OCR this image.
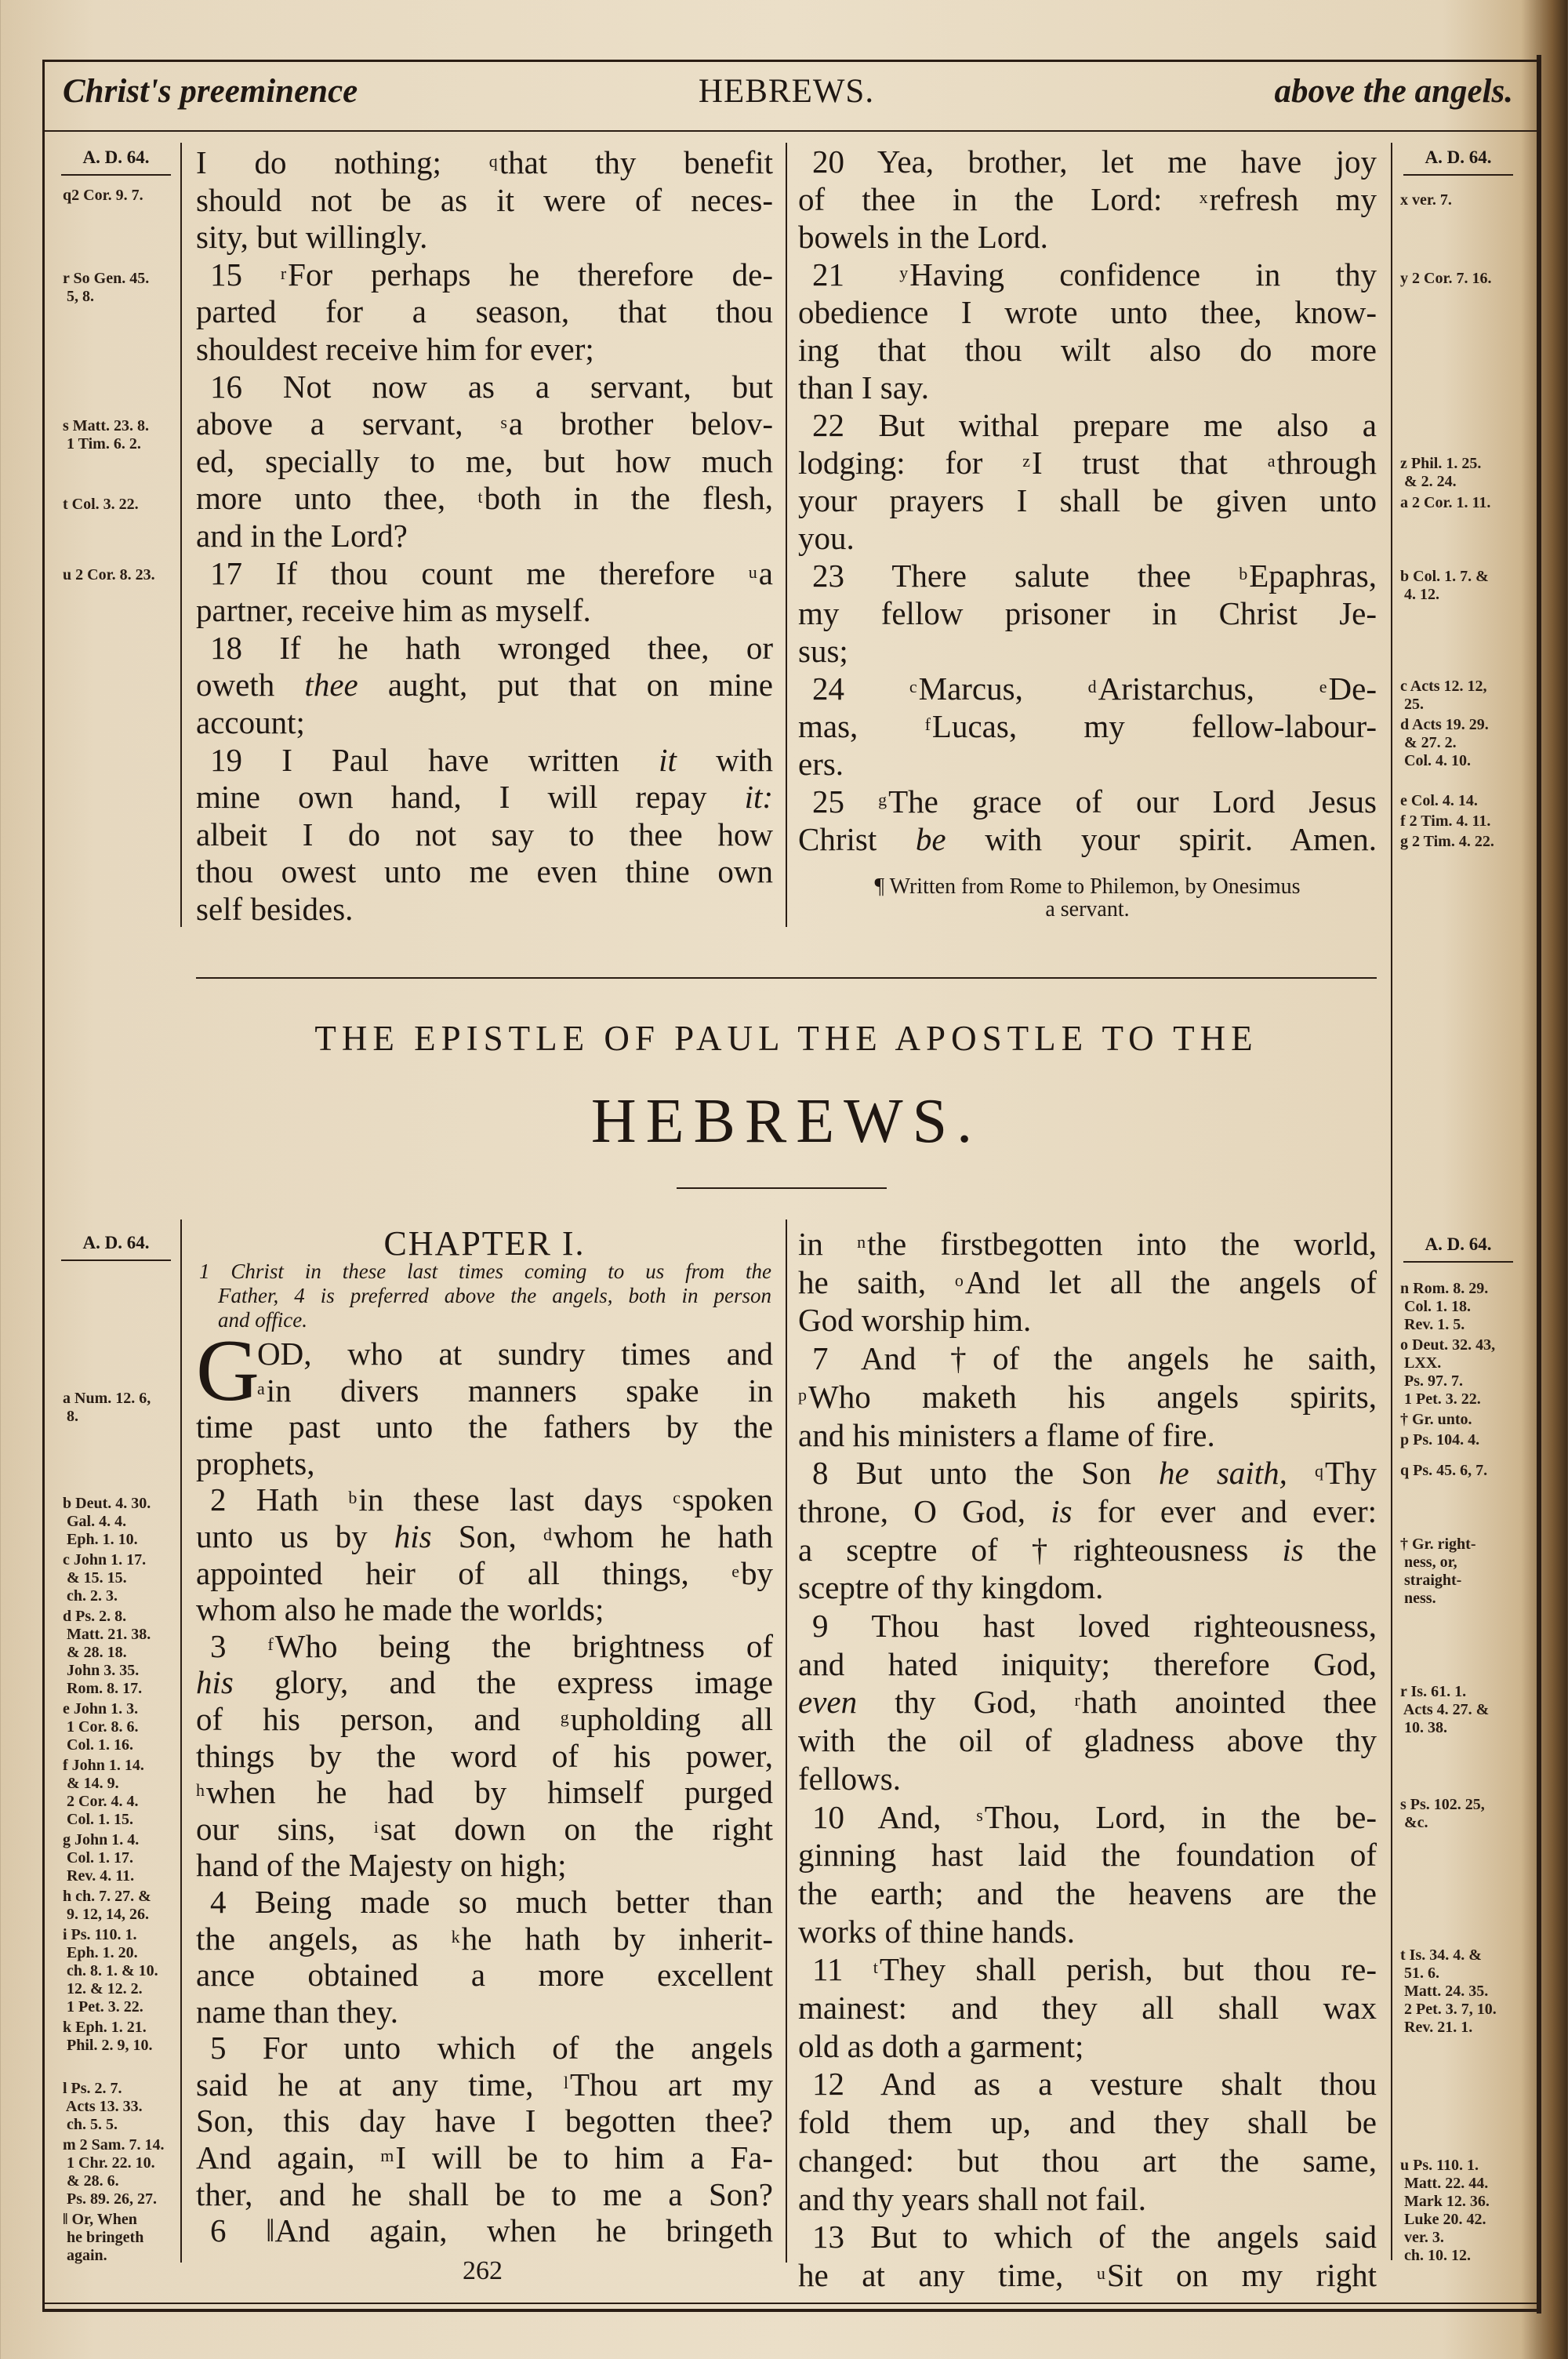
Christ's preeminence	HEBREWS.	above the angels.
A. D. 64.	A. D. 64.
A. D. 64.	A. D. 64.
I do nothing; $^q$that thy benefit
should not be as it were of neces-
sity, but willingly.
15 $^r$For perhaps he therefore de-
parted for a season, that thou
shouldest receive him for ever;
16 Not now as a servant, but
above a servant, $^s$a brother belov-
ed, specially to me, but how much
more unto thee, $^t$both in the flesh,
and in the Lord?
17 If thou count me therefore $^u$a
partner, receive him as myself.
18 If he hath wronged thee, or
oweth thee aught, put that on mine
account;
19 I Paul have written it with
mine own hand, I will repay it:
albeit I do not say to thee how
thou owest unto me even thine own
self besides.
20 Yea, brother, let me have joy
of thee in the Lord: $^x$refresh my
bowels in the Lord.
21 $^y$Having confidence in thy
obedience I wrote unto thee, know-
ing that thou wilt also do more
than I say.
22 But withal prepare me also a
lodging: for $^z$I trust that $^a$through
your prayers I shall be given unto
you.
23 There salute thee $^b$Epaphras,
my fellow prisoner in Christ Je-
sus;
24 $^c$Marcus, $^d$Aristarchus, $^e$De-
mas, $^f$Lucas, my fellow-labour-
ers.
25 $^g$The grace of our Lord Jesus
Christ be with your spirit. Amen.
¶ Written from Rome to Philemon, by Onesimus
a servant.
THE EPISTLE OF PAUL THE APOSTLE TO THE
HEBREWS.
CHAPTER I.
1 Christ in these last times coming to us from the
Father, 4 is preferred above the angels, both in person
and office.
G
OD, who at sundry times and
$^a$in divers manners spake in
time past unto the fathers by the
prophets,
2 Hath $^b$in these last days $^c$spoken
unto us by his Son, $^d$whom he hath
appointed heir of all things, $^e$by
whom also he made the worlds;
3 $^f$Who being the brightness of
his glory, and the express image
of his person, and $^g$upholding all
things by the word of his power,
$^h$when he had by himself purged
our sins, $^i$sat down on the right
hand of the Majesty on high;
4 Being made so much better than
the angels, as $^k$he hath by inherit-
ance obtained a more excellent
name than they.
5 For unto which of the angels
said he at any time, $^l$Thou art my
Son, this day have I begotten thee?
And again, $^m$I will be to him a Fa-
ther, and he shall be to me a Son?
6 ‖And again, when he bringeth
in $^n$the firstbegotten into the world,
he saith, $^o$And let all the angels of
God worship him.
7 And †of the angels he saith,
$^p$Who maketh his angels spirits,
and his ministers a flame of fire.
8 But unto the Son he saith, $^q$Thy
throne, O God, is for ever and ever:
a sceptre of †righteousness is the
sceptre of thy kingdom.
9 Thou hast loved righteousness,
and hated iniquity; therefore God,
even thy God, $^r$hath anointed thee
with the oil of gladness above thy
fellows.
10 And, $^s$Thou, Lord, in the be-
ginning hast laid the foundation of
the earth; and the heavens are the
works of thine hands.
11 $^t$They shall perish, but thou re-
mainest: and they all shall wax
old as doth a garment;
12 And as a vesture shalt thou
fold them up, and they shall be
changed: but thou art the same,
and thy years shall not fail.
13 But to which of the angels said
he at any time, $^u$Sit on my right
262
q2 Cor. 9. 7.
r So Gen. 45.
5, 8.
s Matt. 23. 8.
1 Tim. 6. 2.
t Col. 3. 22.
u 2 Cor. 8. 23.
x ver. 7.
y 2 Cor. 7. 16.
z Phil. 1. 25.
& 2. 24.
a 2 Cor. 1. 11.
b Col. 1. 7. &
4. 12.
c Acts 12. 12,
25.
d Acts 19. 29.
& 27. 2.
Col. 4. 10.
e Col. 4. 14.
f 2 Tim. 4. 11.
g 2 Tim. 4. 22.
a Num. 12. 6,
8.
b Deut. 4. 30.
Gal. 4. 4.
Eph. 1. 10.
c John 1. 17.
& 15. 15.
ch. 2. 3.
d Ps. 2. 8.
Matt. 21. 38.
& 28. 18.
John 3. 35.
Rom. 8. 17.
e John 1. 3.
1 Cor. 8. 6.
Col. 1. 16.
f John 1. 14.
& 14. 9.
2 Cor. 4. 4.
Col. 1. 15.
g John 1. 4.
Col. 1. 17.
Rev. 4. 11.
h ch. 7. 27. &
9. 12, 14, 26.
i Ps. 110. 1.
Eph. 1. 20.
ch. 8. 1. & 10.
12. & 12. 2.
1 Pet. 3. 22.
k Eph. 1. 21.
Phil. 2. 9, 10.
l Ps. 2. 7.
Acts 13. 33.
ch. 5. 5.
m 2 Sam. 7. 14.
1 Chr. 22. 10.
& 28. 6.
Ps. 89. 26, 27.
‖ Or, When
he bringeth
again.
n Rom. 8. 29.
Col. 1. 18.
Rev. 1. 5.
o Deut. 32. 43,
LXX.
Ps. 97. 7.
1 Pet. 3. 22.
† Gr. unto.
p Ps. 104. 4.
q Ps. 45. 6, 7.
† Gr. right-
ness, or,
straight-
ness.
r Is. 61. 1.
Acts 4. 27. &
10. 38.
s Ps. 102. 25,
&c.
t Is. 34. 4. &
51. 6.
Matt. 24. 35.
2 Pet. 3. 7, 10.
Rev. 21. 1.
u Ps. 110. 1.
Matt. 22. 44.
Mark 12. 36.
Luke 20. 42.
ver. 3.
ch. 10. 12.
